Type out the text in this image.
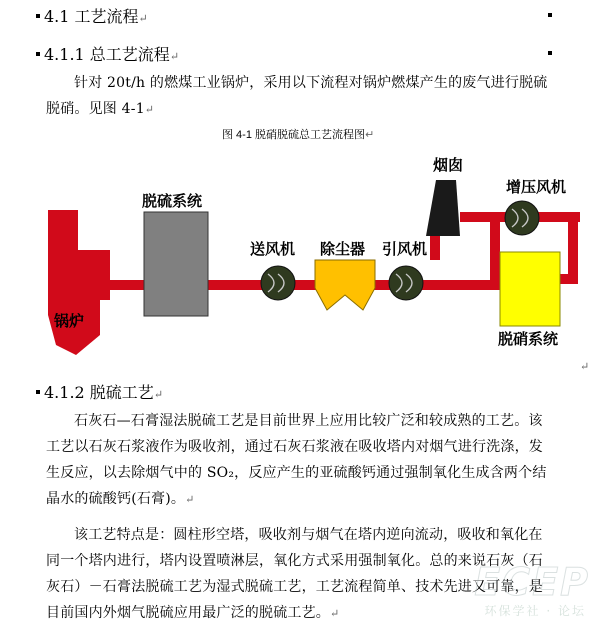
4.1 工艺流程↵
4.1.1 总工艺流程↵
针对 20t/h 的燃煤工业锅炉，采用以下流程对锅炉燃煤产生的废气进行脱硫
脱硝。见图 4-1↵
图 4-1 脱硝脱硫总工艺流程图↵
脱硫系统
送风机 除尘器 引风机
烟囱
增压风机
锅炉
脱硝系统
↵
4.1.2 脱硫工艺↵
石灰石—石膏湿法脱硫工艺是目前世界上应用比较广泛和较成熟的工艺。该
工艺以石灰石浆液作为吸收剂，通过石灰石浆液在吸收塔内对烟气进行洗涤，发
生反应，以去除烟气中的 SO₂，反应产生的亚硫酸钙通过强制氧化生成含两个结
晶水的硫酸钙(石膏)。↵
该工艺特点是：圆柱形空塔，吸收剂与烟气在塔内逆向流动，吸收和氧化在
同一个塔内进行，塔内设置喷淋层，氧化方式采用强制氧化。总的来说石灰（石
灰石）－石膏法脱硫工艺为湿式脱硫工艺，工艺流程简单、技术先进又可靠，是
目前国内外烟气脱硫应用最广泛的脱硫工艺。↵
ECEP
环保学社 · 论坛
